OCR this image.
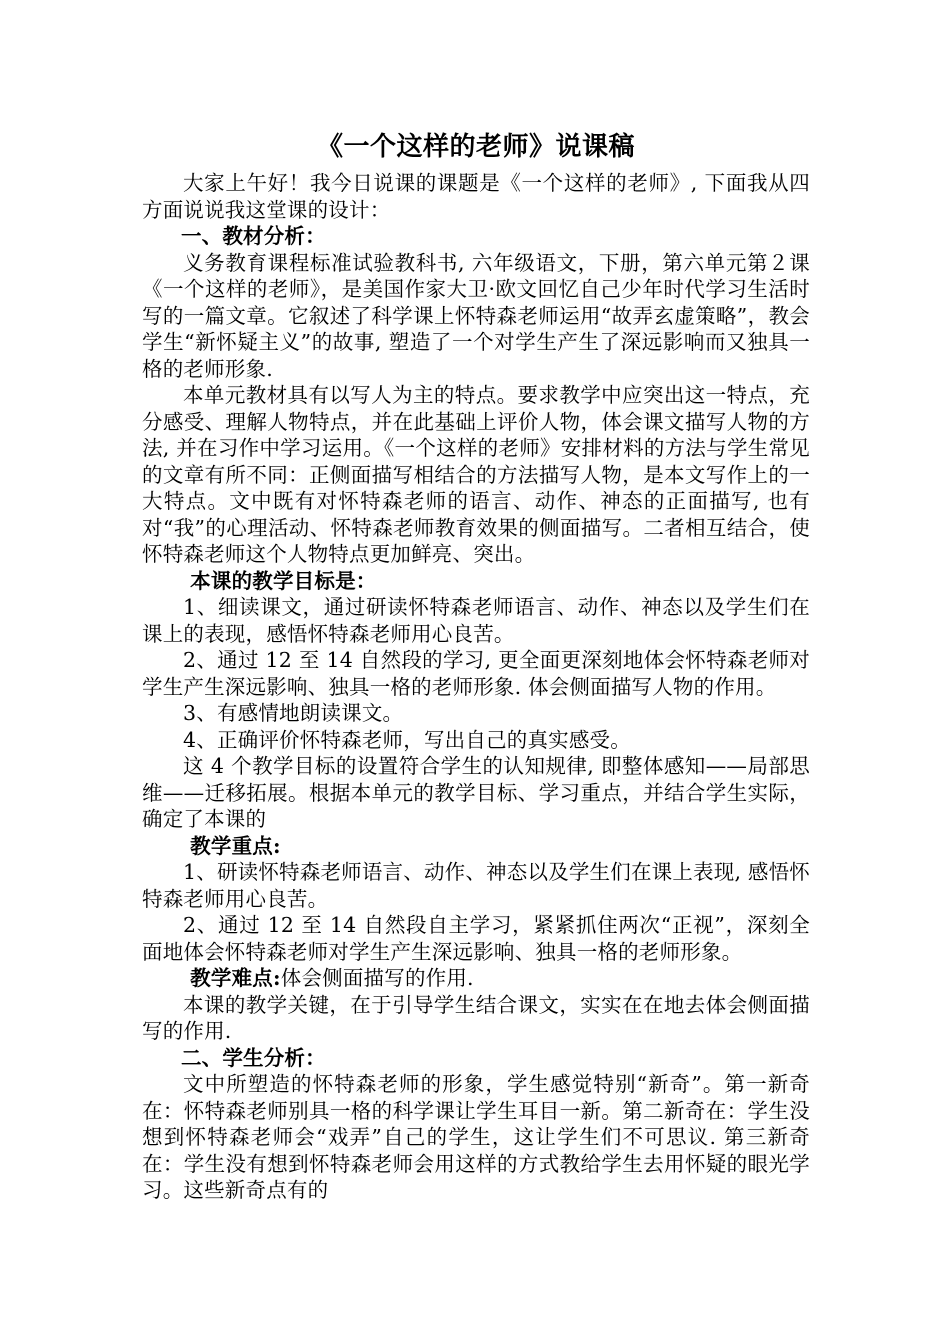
《一个这样的老师》说课稿

大家上午好！我今日说课的课题是《一个这样的老师》, 下面我从四方面说说我这堂课的设计：

一、教材分析：

义务教育课程标准试验教科书, 六年级语文，下册，第六单元第２课《一个这样的老师》，是美国作家大卫·欧文回忆自己少年时代学习生活时写的一篇文章。它叙述了科学课上怀特森老师运用“故弄玄虚策略”，教会学生“新怀疑主义”的故事, 塑造了一个对学生产生了深远影响而又独具一格的老师形象.

本单元教材具有以写人为主的特点。要求教学中应突出这一特点，充分感受、理解人物特点，并在此基础上评价人物，体会课文描写人物的方法, 并在习作中学习运用。《一个这样的老师》安排材料的方法与学生常见的文章有所不同：正侧面描写相结合的方法描写人物，是本文写作上的一大特点。文中既有对怀特森老师的语言、动作、神态的正面描写, 也有对“我”的心理活动、怀特森老师教育效果的侧面描写。二者相互结合，使怀特森老师这个人物特点更加鲜亮、突出。

本课的教学目标是：

1、细读课文，通过研读怀特森老师语言、动作、神态以及学生们在课上的表现，感悟怀特森老师用心良苦。

2、通过 12 至 14 自然段的学习, 更全面更深刻地体会怀特森老师对学生产生深远影响、独具一格的老师形象. 体会侧面描写人物的作用。

3、有感情地朗读课文。

4、正确评价怀特森老师，写出自己的真实感受。

这 4 个教学目标的设置符合学生的认知规律, 即整体感知——局部思维——迁移拓展。根据本单元的教学目标、学习重点，并结合学生实际，确定了本课的

教学重点:

1、研读怀特森老师语言、动作、神态以及学生们在课上表现, 感悟怀特森老师用心良苦。

2、通过 12 至 14 自然段自主学习，紧紧抓住两次“正视”，深刻全面地体会怀特森老师对学生产生深远影响、独具一格的老师形象。

教学难点:体会侧面描写的作用.

本课的教学关键，在于引导学生结合课文，实实在在地去体会侧面描写的作用.

二、学生分析：

文中所塑造的怀特森老师的形象，学生感觉特别“新奇”。第一新奇在：怀特森老师别具一格的科学课让学生耳目一新。第二新奇在：学生没想到怀特森老师会“戏弄”自己的学生，这让学生们不可思议. 第三新奇在：学生没有想到怀特森老师会用这样的方式教给学生去用怀疑的眼光学习。这些新奇点有的
